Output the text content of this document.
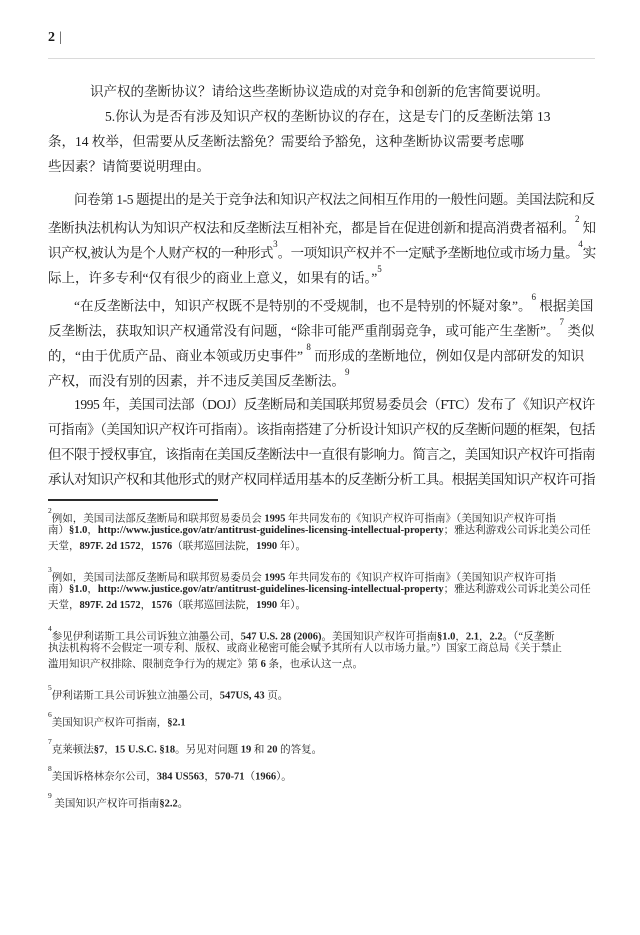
2 |
识产权的垄断协议？请给这些垄断协议造成的对竞争和创新的危害简要说明。
5.你认为是否有涉及知识产权的垄断协议的存在，这是专门的反垄断法第 13
条，14 枚举，但需要从反垄断法豁免？需要给予豁免，这种垄断协议需要考虑哪
些因素？请简要说明理由。
问卷第 1-5 题提出的是关于竞争法和知识产权法之间相互作用的一般性问题。美国法院和反
垄断执法机构认为知识产权法和反垄断法互相补充，都是旨在促进创新和提高消费者福利。$^2$ 知
识产权,被认为是个人财产权的一种形式$^3$。一项知识产权并不一定赋予垄断地位或市场力量。$^4$实
际上，许多专利“仅有很少的商业上意义，如果有的话。”$^5$
“在反垄断法中，知识产权既不是特别的不受规制，也不是特别的怀疑对象”。$^6$ 根据美国
反垄断法，获取知识产权通常没有问题，“除非可能严重削弱竞争，或可能产生垄断”。$^7$ 类似
的，“由于优质产品、商业本领或历史事件” $^8$ 而形成的垄断地位，例如仅是内部研发的知识
产权，而没有别的因素，并不违反美国反垄断法。$^9$
1995 年，美国司法部（DOJ）反垄断局和美国联邦贸易委员会（FTC）发布了《知识产权许
可指南》（美国知识产权许可指南）。该指南搭建了分析设计知识产权的反垄断问题的框架，包括
但不限于授权事宜，该指南在美国反垄断法中一直很有影响力。简言之，美国知识产权许可指南
承认对知识产权和其他形式的财产权同样适用基本的反垄断分析工具。根据美国知识产权许可指
$^2$例如，美国司法部反垄断局和联邦贸易委员会 1995 年共同发布的《知识产权许可指南》（美国知识产权许可指
南）§1.0，http://www.justice.gov/atr/antitrust-guidelines-licensing-intellectual-property；雅达利游戏公司诉北美公司任
天堂，897F. 2d 1572，1576（联邦巡回法院，1990 年）。
$^3$例如，美国司法部反垄断局和联邦贸易委员会 1995 年共同发布的《知识产权许可指南》（美国知识产权许可指
南）§1.0，http://www.justice.gov/atr/antitrust-guidelines-licensing-intellectual-property；雅达利游戏公司诉北美公司任
天堂，897F. 2d 1572，1576（联邦巡回法院，1990 年）。
$^4$参见伊利诺斯工具公司诉独立油墨公司，547 U.S. 28 (2006)。美国知识产权许可指南§1.0，2.1，2.2。（“反垄断
执法机构将不会假定一项专利、版权、或商业秘密可能会赋予其所有人以市场力量。”）国家工商总局《关于禁止
滥用知识产权排除、限制竞争行为的规定》第 6 条，也承认这一点。
$^5$伊利诺斯工具公司诉独立油墨公司，547US, 43 页。
$^6$美国知识产权许可指南，§2.1
$^7$克莱顿法§7，15 U.S.C. §18。另见对问题 19 和 20 的答复。
$^8$美国诉格林奈尔公司，384 US563，570-71（1966）。
$^9$ 美国知识产权许可指南§2.2。
